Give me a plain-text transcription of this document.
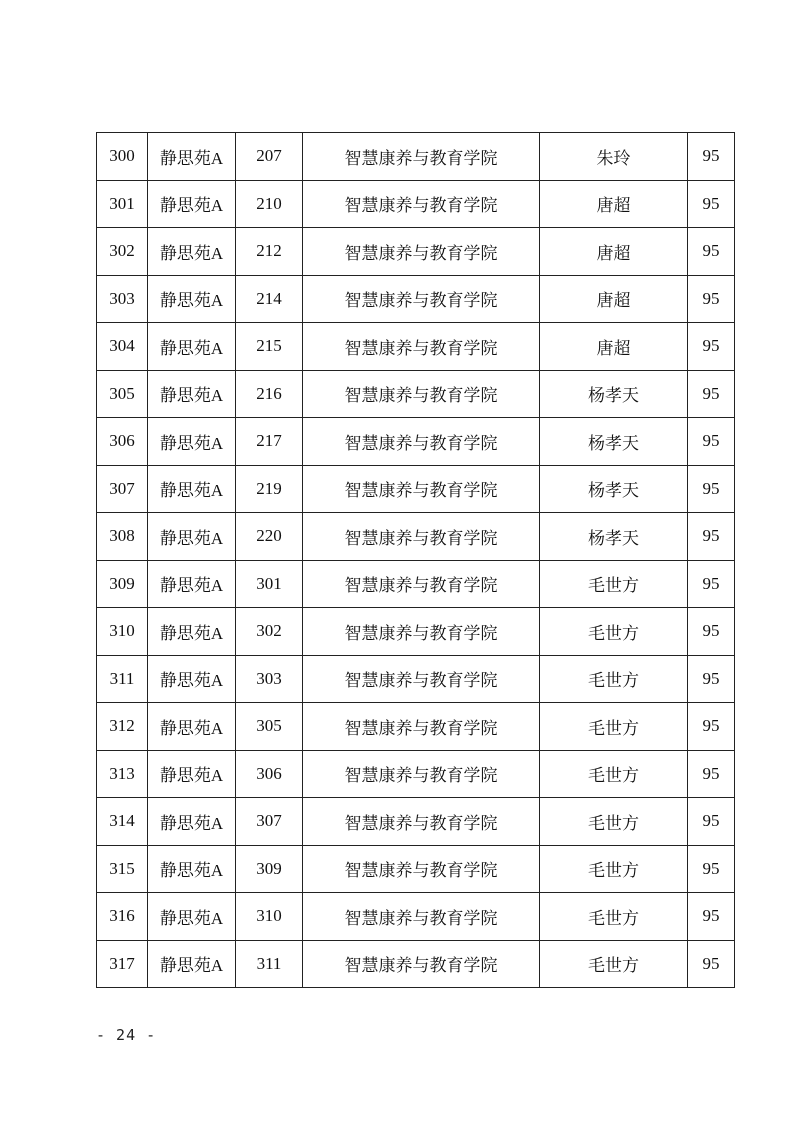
300	静思苑A	207	智慧康养与教育学院	朱玲	95
301	静思苑A	210	智慧康养与教育学院	唐超	95
302	静思苑A	212	智慧康养与教育学院	唐超	95
303	静思苑A	214	智慧康养与教育学院	唐超	95
304	静思苑A	215	智慧康养与教育学院	唐超	95
305	静思苑A	216	智慧康养与教育学院	杨孝天	95
306	静思苑A	217	智慧康养与教育学院	杨孝天	95
307	静思苑A	219	智慧康养与教育学院	杨孝天	95
308	静思苑A	220	智慧康养与教育学院	杨孝天	95
309	静思苑A	301	智慧康养与教育学院	毛世方	95
310	静思苑A	302	智慧康养与教育学院	毛世方	95
311	静思苑A	303	智慧康养与教育学院	毛世方	95
312	静思苑A	305	智慧康养与教育学院	毛世方	95
313	静思苑A	306	智慧康养与教育学院	毛世方	95
314	静思苑A	307	智慧康养与教育学院	毛世方	95
315	静思苑A	309	智慧康养与教育学院	毛世方	95
316	静思苑A	310	智慧康养与教育学院	毛世方	95
317	静思苑A	311	智慧康养与教育学院	毛世方	95
- 24 -
